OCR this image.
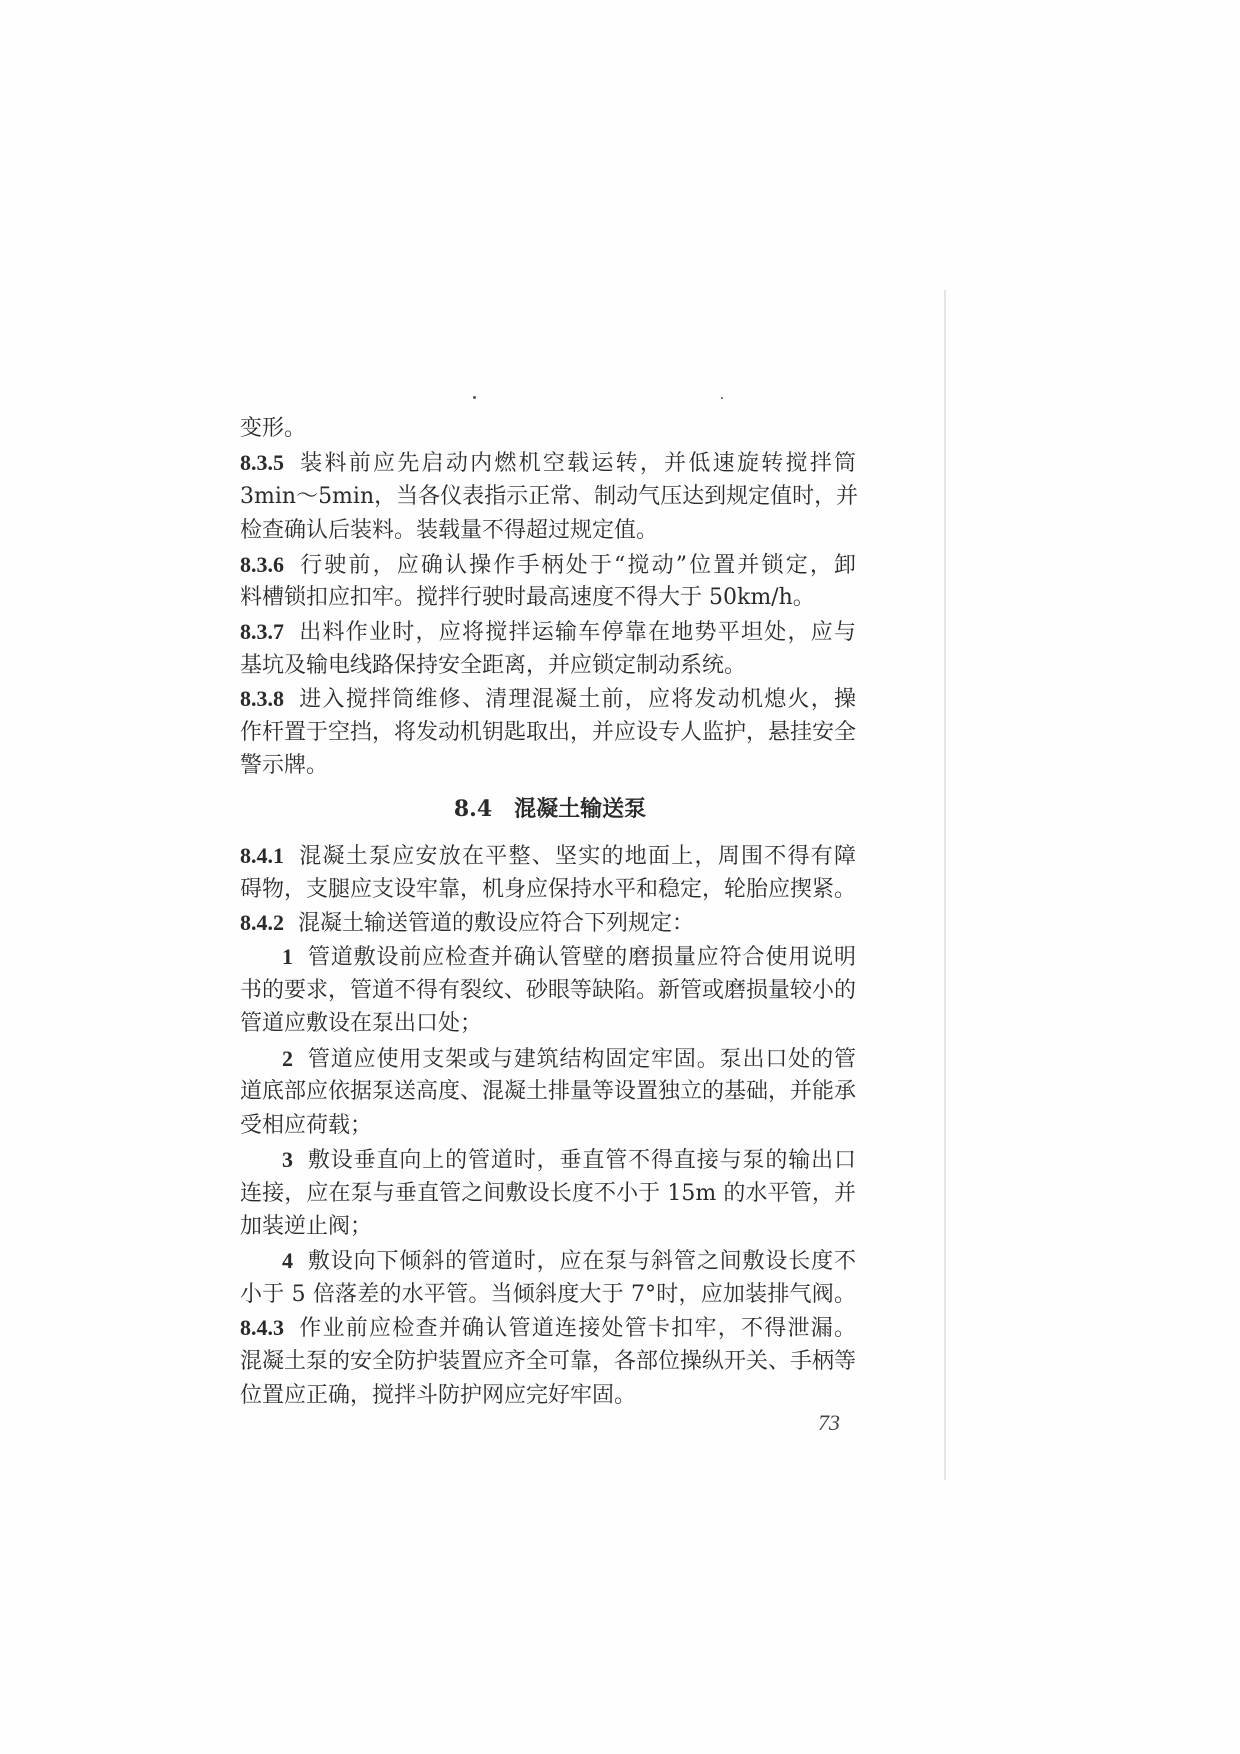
变形。
8.3.5 装料前应先启动内燃机空载运转，并低速旋转搅拌筒
3min～5min，当各仪表指示正常、制动气压达到规定值时，并
检查确认后装料。装载量不得超过规定值。
8.3.6 行驶前，应确认操作手柄处于“搅动”位置并锁定，卸
料槽锁扣应扣牢。搅拌行驶时最高速度不得大于 50km/h。
8.3.7 出料作业时，应将搅拌运输车停靠在地势平坦处，应与
基坑及输电线路保持安全距离，并应锁定制动系统。
8.3.8 进入搅拌筒维修、清理混凝土前，应将发动机熄火，操
作杆置于空挡，将发动机钥匙取出，并应设专人监护，悬挂安全
警示牌。
8.4　混凝土输送泵
8.4.1 混凝土泵应安放在平整、坚实的地面上，周围不得有障
碍物，支腿应支设牢靠，机身应保持水平和稳定，轮胎应揳紧。
8.4.2 混凝土输送管道的敷设应符合下列规定：
1 管道敷设前应检查并确认管壁的磨损量应符合使用说明
书的要求，管道不得有裂纹、砂眼等缺陷。新管或磨损量较小的
管道应敷设在泵出口处；
2 管道应使用支架或与建筑结构固定牢固。泵出口处的管
道底部应依据泵送高度、混凝土排量等设置独立的基础，并能承
受相应荷载；
3 敷设垂直向上的管道时，垂直管不得直接与泵的输出口
连接，应在泵与垂直管之间敷设长度不小于 15m 的水平管，并
加装逆止阀；
4 敷设向下倾斜的管道时，应在泵与斜管之间敷设长度不
小于 5 倍落差的水平管。当倾斜度大于 7°时，应加装排气阀。
8.4.3 作业前应检查并确认管道连接处管卡扣牢，不得泄漏。
混凝土泵的安全防护装置应齐全可靠，各部位操纵开关、手柄等
位置应正确，搅拌斗防护网应完好牢固。
73
